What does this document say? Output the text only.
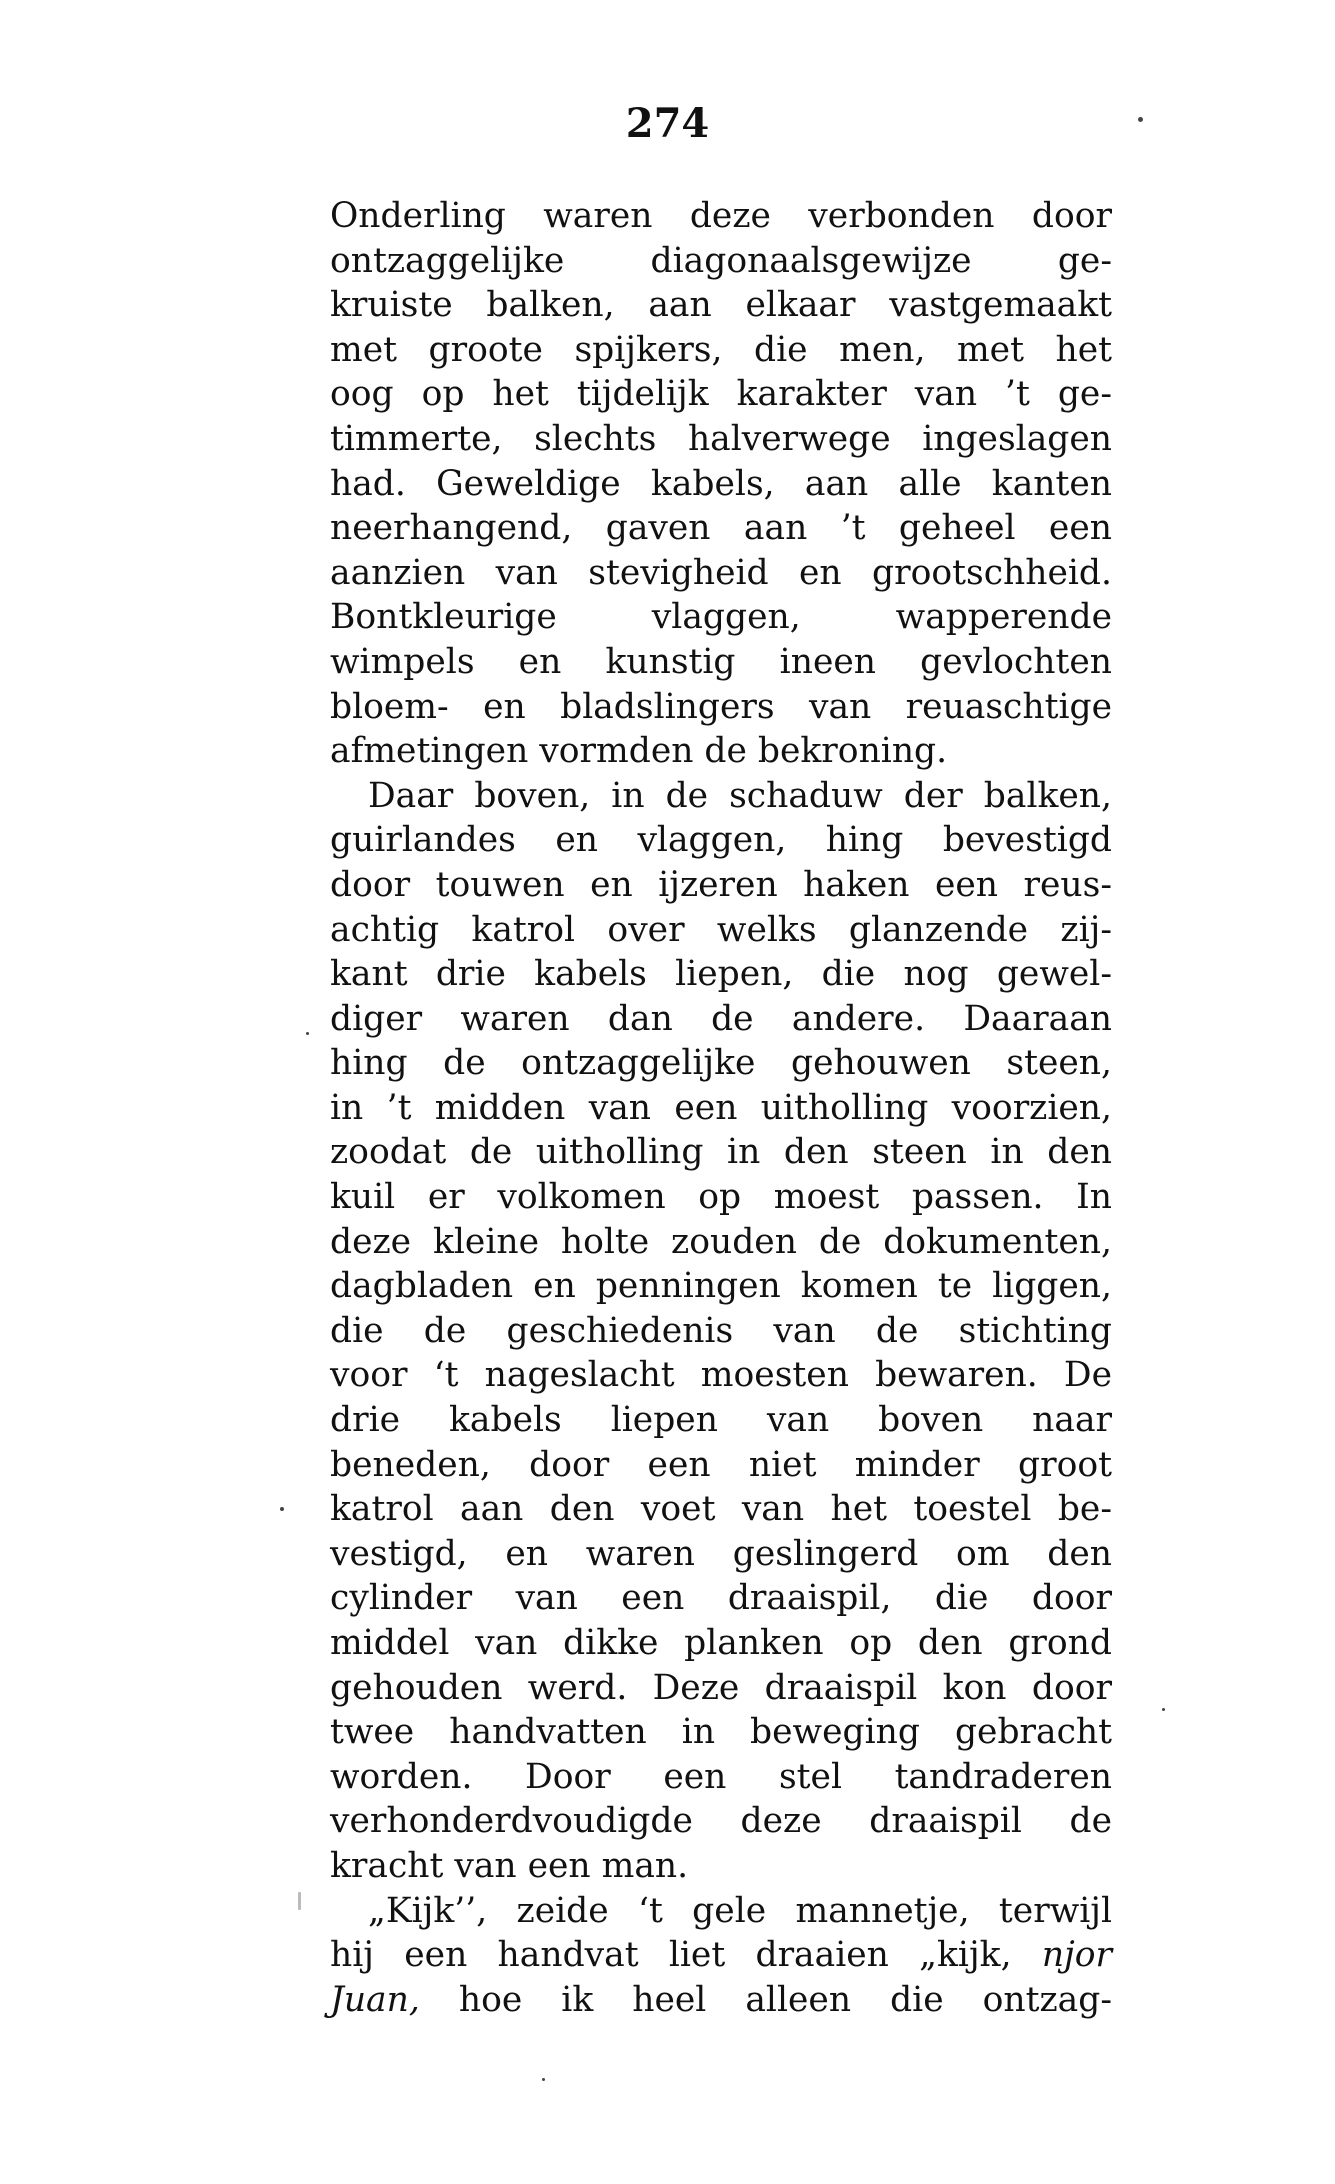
274
Onderling waren deze verbonden door
ontzaggelijke diagonaalsgewijze ge-
kruiste balken, aan elkaar vastgemaakt
met groote spijkers, die men, met het
oog op het tijdelijk karakter van ’t ge-
timmerte, slechts halverwege ingeslagen
had. Geweldige kabels, aan alle kanten
neerhangend, gaven aan ’t geheel een
aanzien van stevigheid en grootschheid.
Bontkleurige vlaggen, wapperende
wimpels en kunstig ineen gevlochten
bloem- en bladslingers van reuaschtige
afmetingen vormden de bekroning.
Daar boven, in de schaduw der balken,
guirlandes en vlaggen, hing bevestigd
door touwen en ijzeren haken een reus-
achtig katrol over welks glanzende zij-
kant drie kabels liepen, die nog gewel-
diger waren dan de andere. Daaraan
hing de ontzaggelijke gehouwen steen,
in ’t midden van een uitholling voorzien,
zoodat de uitholling in den steen in den
kuil er volkomen op moest passen. In
deze kleine holte zouden de dokumenten,
dagbladen en penningen komen te liggen,
die de geschiedenis van de stichting
voor ‘t nageslacht moesten bewaren. De
drie kabels liepen van boven naar
beneden, door een niet minder groot
katrol aan den voet van het toestel be-
vestigd, en waren geslingerd om den
cylinder van een draaispil, die door
middel van dikke planken op den grond
gehouden werd. Deze draaispil kon door
twee handvatten in beweging gebracht
worden. Door een stel tandraderen
verhonderdvoudigde deze draaispil de
kracht van een man.
„Kijk’’, zeide ‘t gele mannetje, terwijl
hij een handvat liet draaien „kijk, njor
Juan, hoe ik heel alleen die ontzag-
